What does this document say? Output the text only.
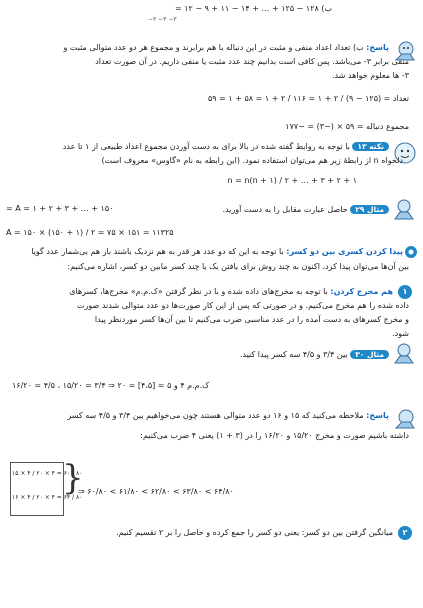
= ۱۲ − ۹ + ۱۱ − ۱۴ + … + ۱۲۵ − ۱۲۸ (ب
−۳ −۳ −۳
پاسخ: ب) تعداد اعداد منفی و مثبت در این دنباله با هم برابرند و مجموع هر دو عدد متوالی مثبت و
منفی برابر ۳- می‌باشد. پس کافی است بدانیم چند عدد مثبت یا منفی داریم. در آن صورت تعداد
۳- ها معلوم خواهد شد.
تعداد = (۱۲۵ − ۹) / ۲ + ۱ = ۱۱۶ / ۲ + ۱ = ۵۸ + ۱ = ۵۹
مجموع دنباله = ۵۹ × (−۳) = −۱۷۷
نکته ۱۳ با توجه به روابط گفته شده در بالا برای به دست آوردن مجموع اعداد طبیعی از ۱ تا عدد
دلخواه n از رابطهٔ زیر هم می‌توان استفاده نمود. (این رابطه به نام «گاوس» معروف است)
۱ + ۲ + ۳ + … + n = n(n + ۱) / ۲
A = ۱ + ۲ + ۳ + … + ۱۵۰ =	مثال ۲۹ حاصل عبارت مقابل را به دست آورید.
A = ۱۵۰ × (۱۵۰ + ۱) / ۲ = ۷۵ × ۱۵۱ = ۱۱۳۲۵
پیدا کردن کسری بین دو کسر: با توجه به این که دو عدد هر قدر به هم نزدیک باشند باز هم بی‌شمار عدد گویا
بین آن‌ها می‌توان پیدا کرد، اکنون به چند روش برای یافتن یک یا چند کسر مابین دو کسر، اشاره می‌کنیم:
۱
هم مخرج کردن: با توجه به مخرج‌های داده شده و با در نظر گرفتن «ک.م.م» مخرج‌ها، کسرهای
داده شده را هم مخرج می‌کنیم. و در صورتی که پس از این کار صورت‌ها دو عدد متوالی شدند صورت
و مخرج کسرهای به دست آمده را در عدد مناسبی ضرب می‌کنیم تا بین آن‌ها کسر موردنظر پیدا
شود.
مثال ۳۰ بین ۳/۴ و ۴/۵ سه کسر پیدا کنید.
ک.م.م ۴ و ۵ = [۴،۵] = ۲۰ ⇒ ۳/۴ = ۱۵/۲۰ ، ۴/۵ = ۱۶/۲۰
پاسخ: ملاحظه می‌کنید که ۱۵ و ۱۶ دو عدد متوالی هستند چون می‌خواهیم بین ۳/۴ و ۴/۵ سه کسر
داشته باشیم صورت و مخرج ۱۵/۲۰ و ۱۶/۲۰ را در (۳ + ۱) یعنی ۴ ضرب می‌کنیم:
۱۵ × ۴ / ۲۰ × ۴ = ۶۰ / ۸۰
۱۶ × ۴ / ۲۰ × ۴ = ۶۴ / ۸۰
}
⇒ ۶۰/۸۰ < ۶۱/۸۰ < ۶۲/۸۰ < ۶۳/۸۰ < ۶۴/۸۰
۲
میانگین گرفتن بین دو کسر: یعنی دو کسر را جمع کرده و حاصل را بر ۲ تقسیم کنیم.
